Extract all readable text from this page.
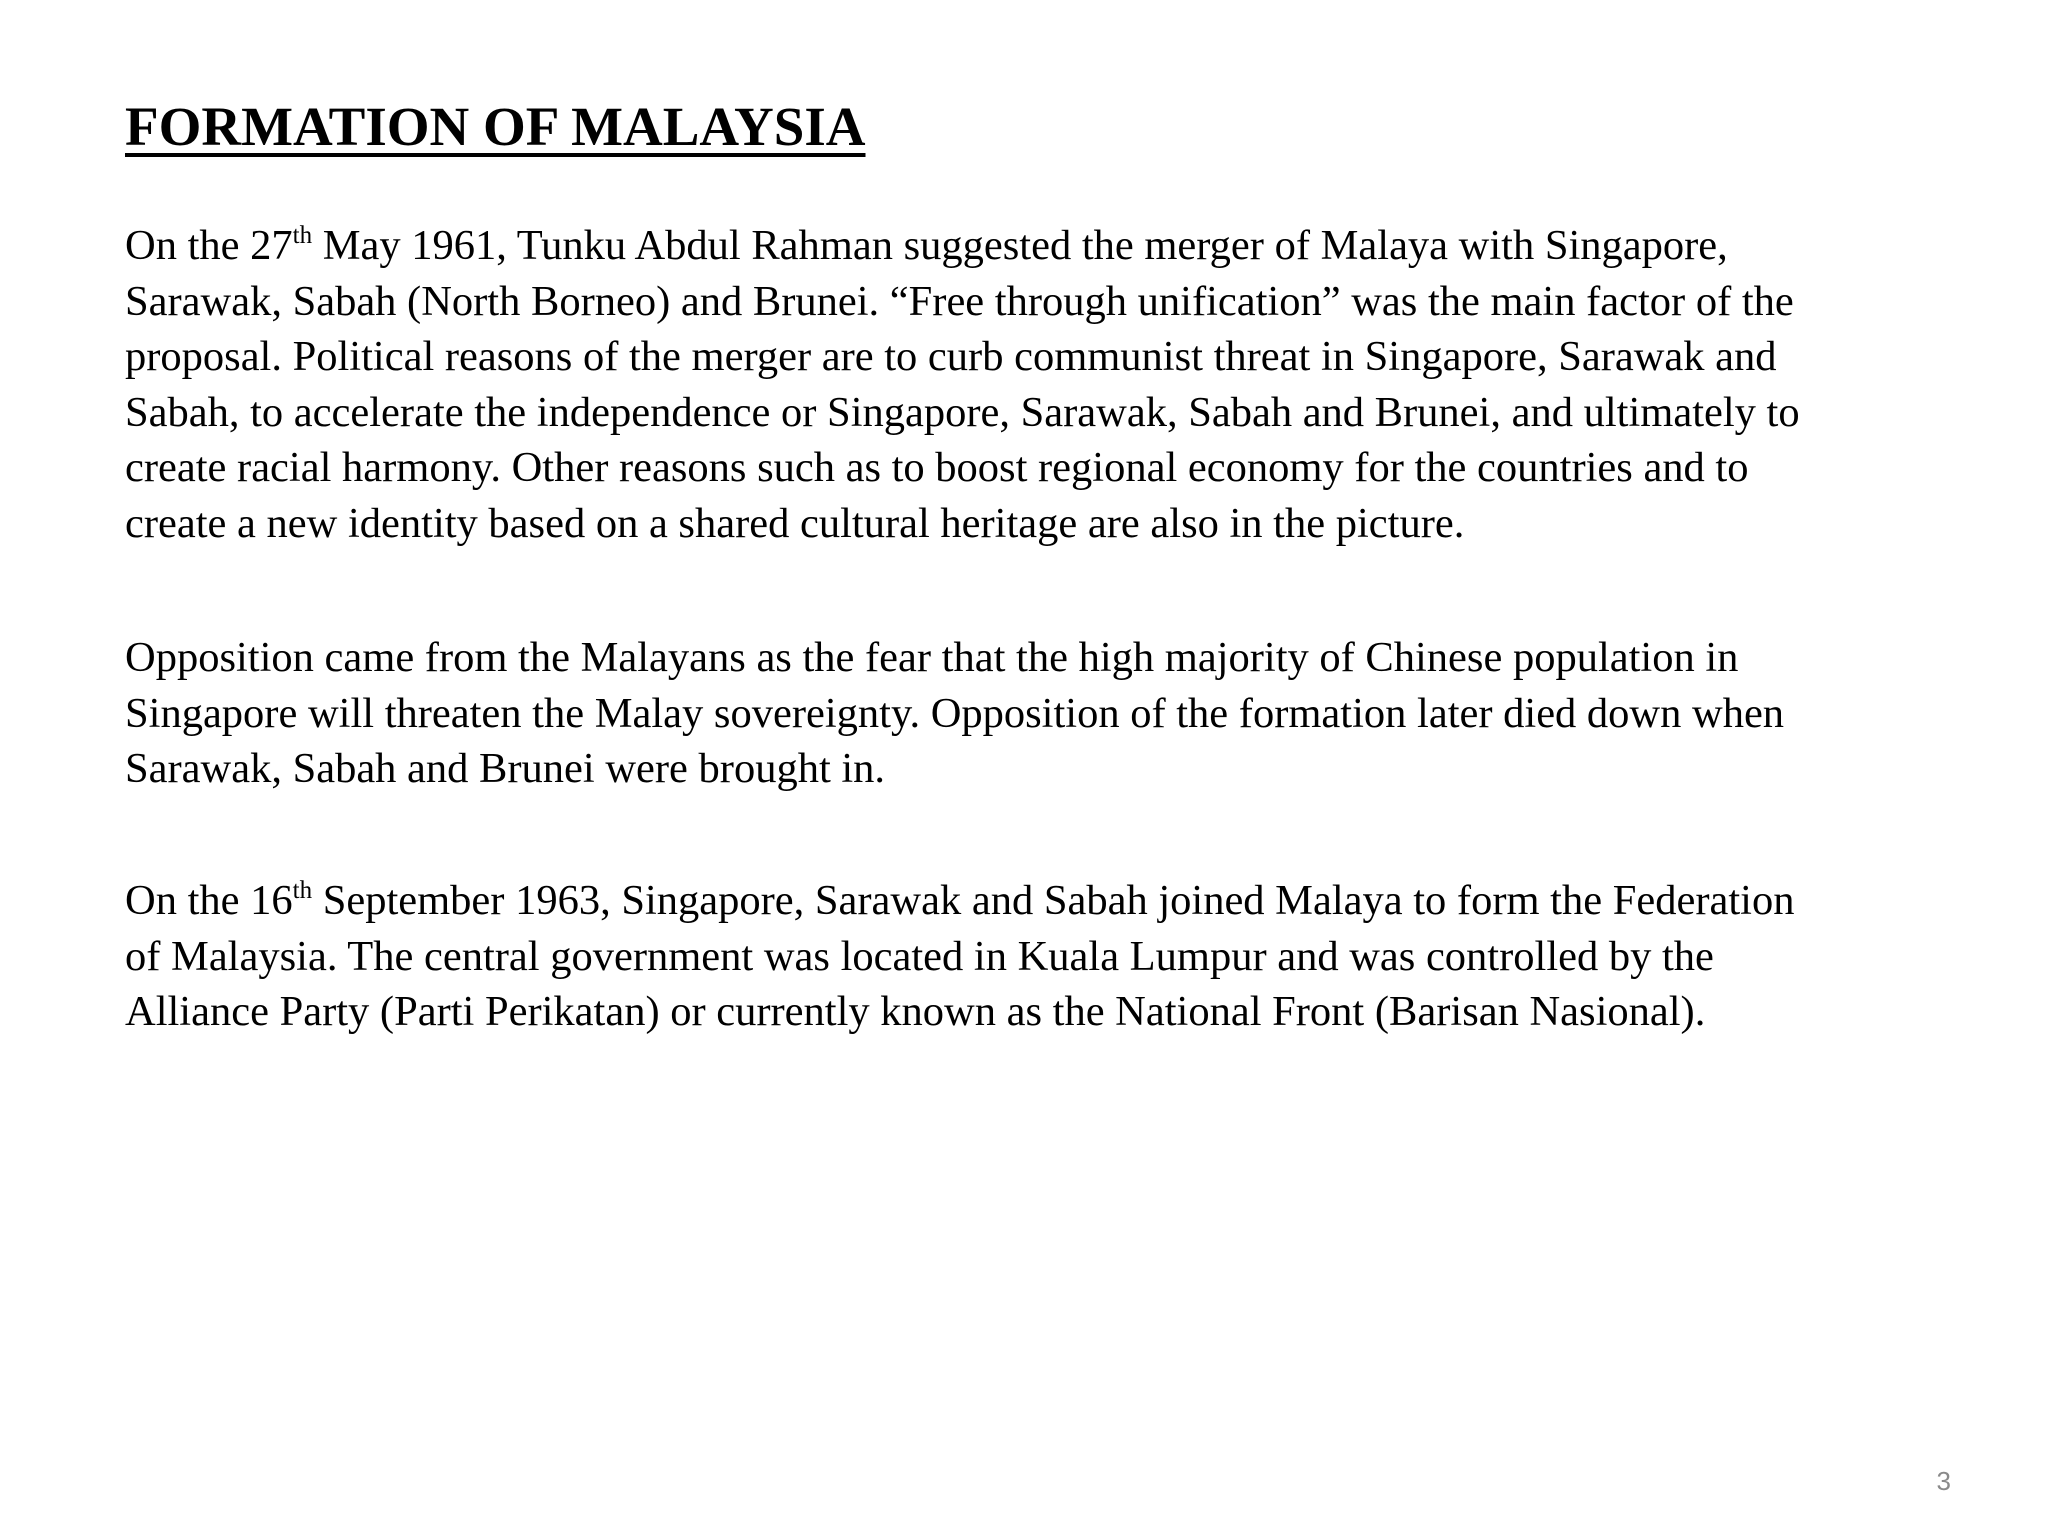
FORMATION OF MALAYSIA

On the 27th May 1961, Tunku Abdul Rahman suggested the merger of Malaya with Singapore,
Sarawak, Sabah (North Borneo) and Brunei. “Free through unification” was the main factor of the
proposal. Political reasons of the merger are to curb communist threat in Singapore, Sarawak and
Sabah, to accelerate the independence or Singapore, Sarawak, Sabah and Brunei, and ultimately to
create racial harmony. Other reasons such as to boost regional economy for the countries and to
create a new identity based on a shared cultural heritage are also in the picture.

Opposition came from the Malayans as the fear that the high majority of Chinese population in
Singapore will threaten the Malay sovereignty. Opposition of the formation later died down when
Sarawak, Sabah and Brunei were brought in.

On the 16th September 1963, Singapore, Sarawak and Sabah joined Malaya to form the Federation
of Malaysia. The central government was located in Kuala Lumpur and was controlled by the
Alliance Party (Parti Perikatan) or currently known as the National Front (Barisan Nasional).

3
